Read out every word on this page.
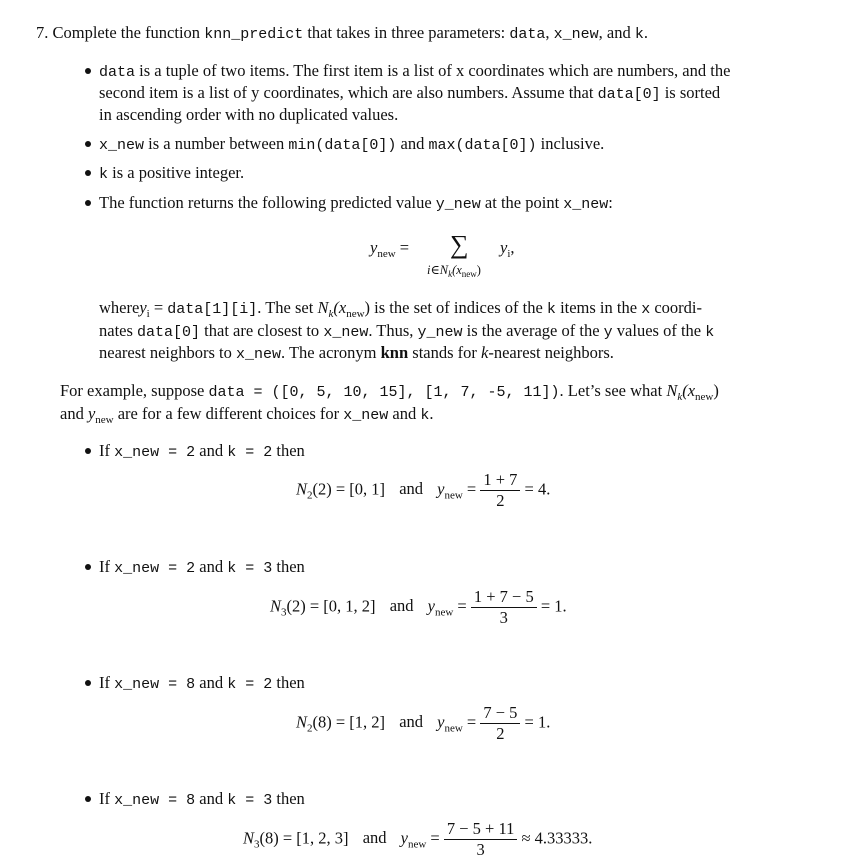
7. Complete the function knn_predict that takes in three parameters: data, x_new, and k.
data is a tuple of two items. The first item is a list of x coordinates which are numbers, and the
second item is a list of y coordinates, which are also numbers. Assume that data[0] is sorted
in ascending order with no duplicated values.
x_new is a number between min(data[0]) and max(data[0]) inclusive.
k is a positive integer.
The function returns the following predicted value y_new at the point x_new:
$y_{new}$ = ∑ $y_i$,
$i\in N_k(x_{new})$
wherey$_i$ = data[1][i]. The set $N_k(x_{new})$ is the set of indices of the k items in the x coordi-
nates data[0] that are closest to x_new. Thus, y_new is the average of the y values of the k
nearest neighbors to x_new. The acronym knn stands for k-nearest neighbors.
For example, suppose data = ([0, 5, 10, 15], [1, 7, -5, 11]). Let’s see what $N_k(x_{new})$
and $y_{new}$ are for a few different choices for x_new and k.
If x_new = 2 and k = 2 then
$N_2(2) = [0$, 1] and $y_{new} = \frac{1 + 7}{2} = 4$.
If x_new = 2 and k = 3 then
$N_3(2) = [0$, 1, 2] and $y_{new} = \frac{1 + 7 - 5}{3} = 1$.
If x_new = 8 and k = 2 then
$N_2(8) = [1$, 2] and $y_{new} = \frac{7 - 5}{2} = 1$.
If x_new = 8 and k = 3 then
$N_3(8) = [1$, 2, 3] and $y_{new} = \frac{7 - 5 + 11}{3} \approx 4.33333$.
